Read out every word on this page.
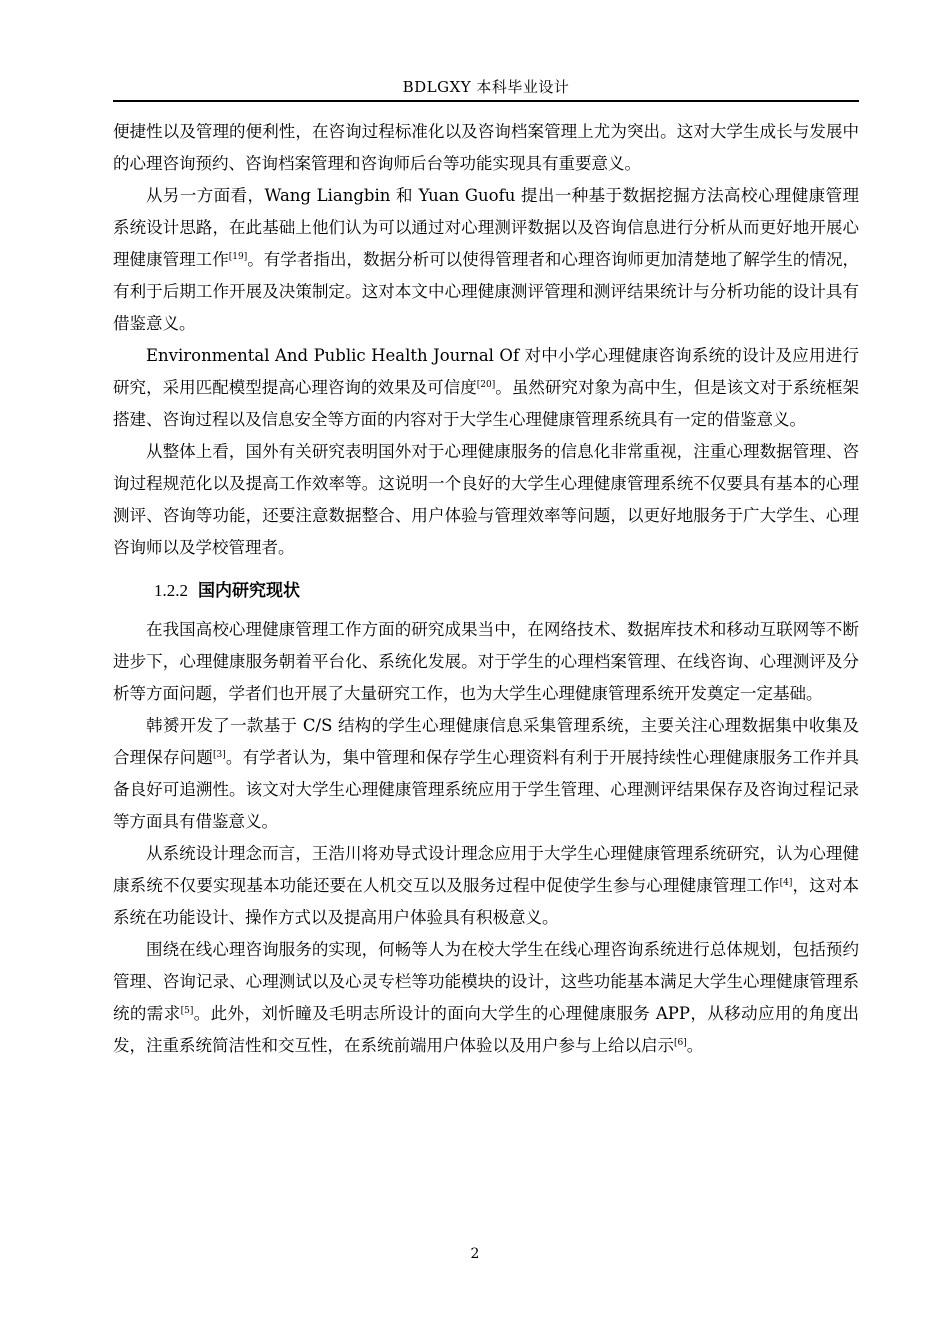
BDLGXY 本科毕业设计

便捷性以及管理的便利性，在咨询过程标准化以及咨询档案管理上尤为突出。这对大学生成长与发展中的心理咨询预约、咨询档案管理和咨询师后台等功能实现具有重要意义。

从另一方面看，Wang Liangbin 和 Yuan Guofu 提出一种基于数据挖掘方法高校心理健康管理系统设计思路，在此基础上他们认为可以通过对心理测评数据以及咨询信息进行分析从而更好地开展心理健康管理工作[19]。有学者指出，数据分析可以使得管理者和心理咨询师更加清楚地了解学生的情况，有利于后期工作开展及决策制定。这对本文中心理健康测评管理和测评结果统计与分析功能的设计具有借鉴意义。

Environmental And Public Health Journal Of 对中小学心理健康咨询系统的设计及应用进行研究，采用匹配模型提高心理咨询的效果及可信度[20]。虽然研究对象为高中生，但是该文对于系统框架搭建、咨询过程以及信息安全等方面的内容对于大学生心理健康管理系统具有一定的借鉴意义。

从整体上看，国外有关研究表明国外对于心理健康服务的信息化非常重视，注重心理数据管理、咨询过程规范化以及提高工作效率等。这说明一个良好的大学生心理健康管理系统不仅要具有基本的心理测评、咨询等功能，还要注意数据整合、用户体验与管理效率等问题，以更好地服务于广大学生、心理咨询师以及学校管理者。

1.2.2 国内研究现状

在我国高校心理健康管理工作方面的研究成果当中，在网络技术、数据库技术和移动互联网等不断进步下，心理健康服务朝着平台化、系统化发展。对于学生的心理档案管理、在线咨询、心理测评及分析等方面问题，学者们也开展了大量研究工作，也为大学生心理健康管理系统开发奠定一定基础。

韩赟开发了一款基于 C/S 结构的学生心理健康信息采集管理系统，主要关注心理数据集中收集及合理保存问题[3]。有学者认为，集中管理和保存学生心理资料有利于开展持续性心理健康服务工作并具备良好可追溯性。该文对大学生心理健康管理系统应用于学生管理、心理测评结果保存及咨询过程记录等方面具有借鉴意义。

从系统设计理念而言，王浩川将劝导式设计理念应用于大学生心理健康管理系统研究，认为心理健康系统不仅要实现基本功能还要在人机交互以及服务过程中促使学生参与心理健康管理工作[4]，这对本系统在功能设计、操作方式以及提高用户体验具有积极意义。

围绕在线心理咨询服务的实现，何畅等人为在校大学生在线心理咨询系统进行总体规划，包括预约管理、咨询记录、心理测试以及心灵专栏等功能模块的设计，这些功能基本满足大学生心理健康管理系统的需求[5]。此外，刘忻瞳及毛明志所设计的面向大学生的心理健康服务 APP，从移动应用的角度出发，注重系统简洁性和交互性，在系统前端用户体验以及用户参与上给以启示[6]。

2
